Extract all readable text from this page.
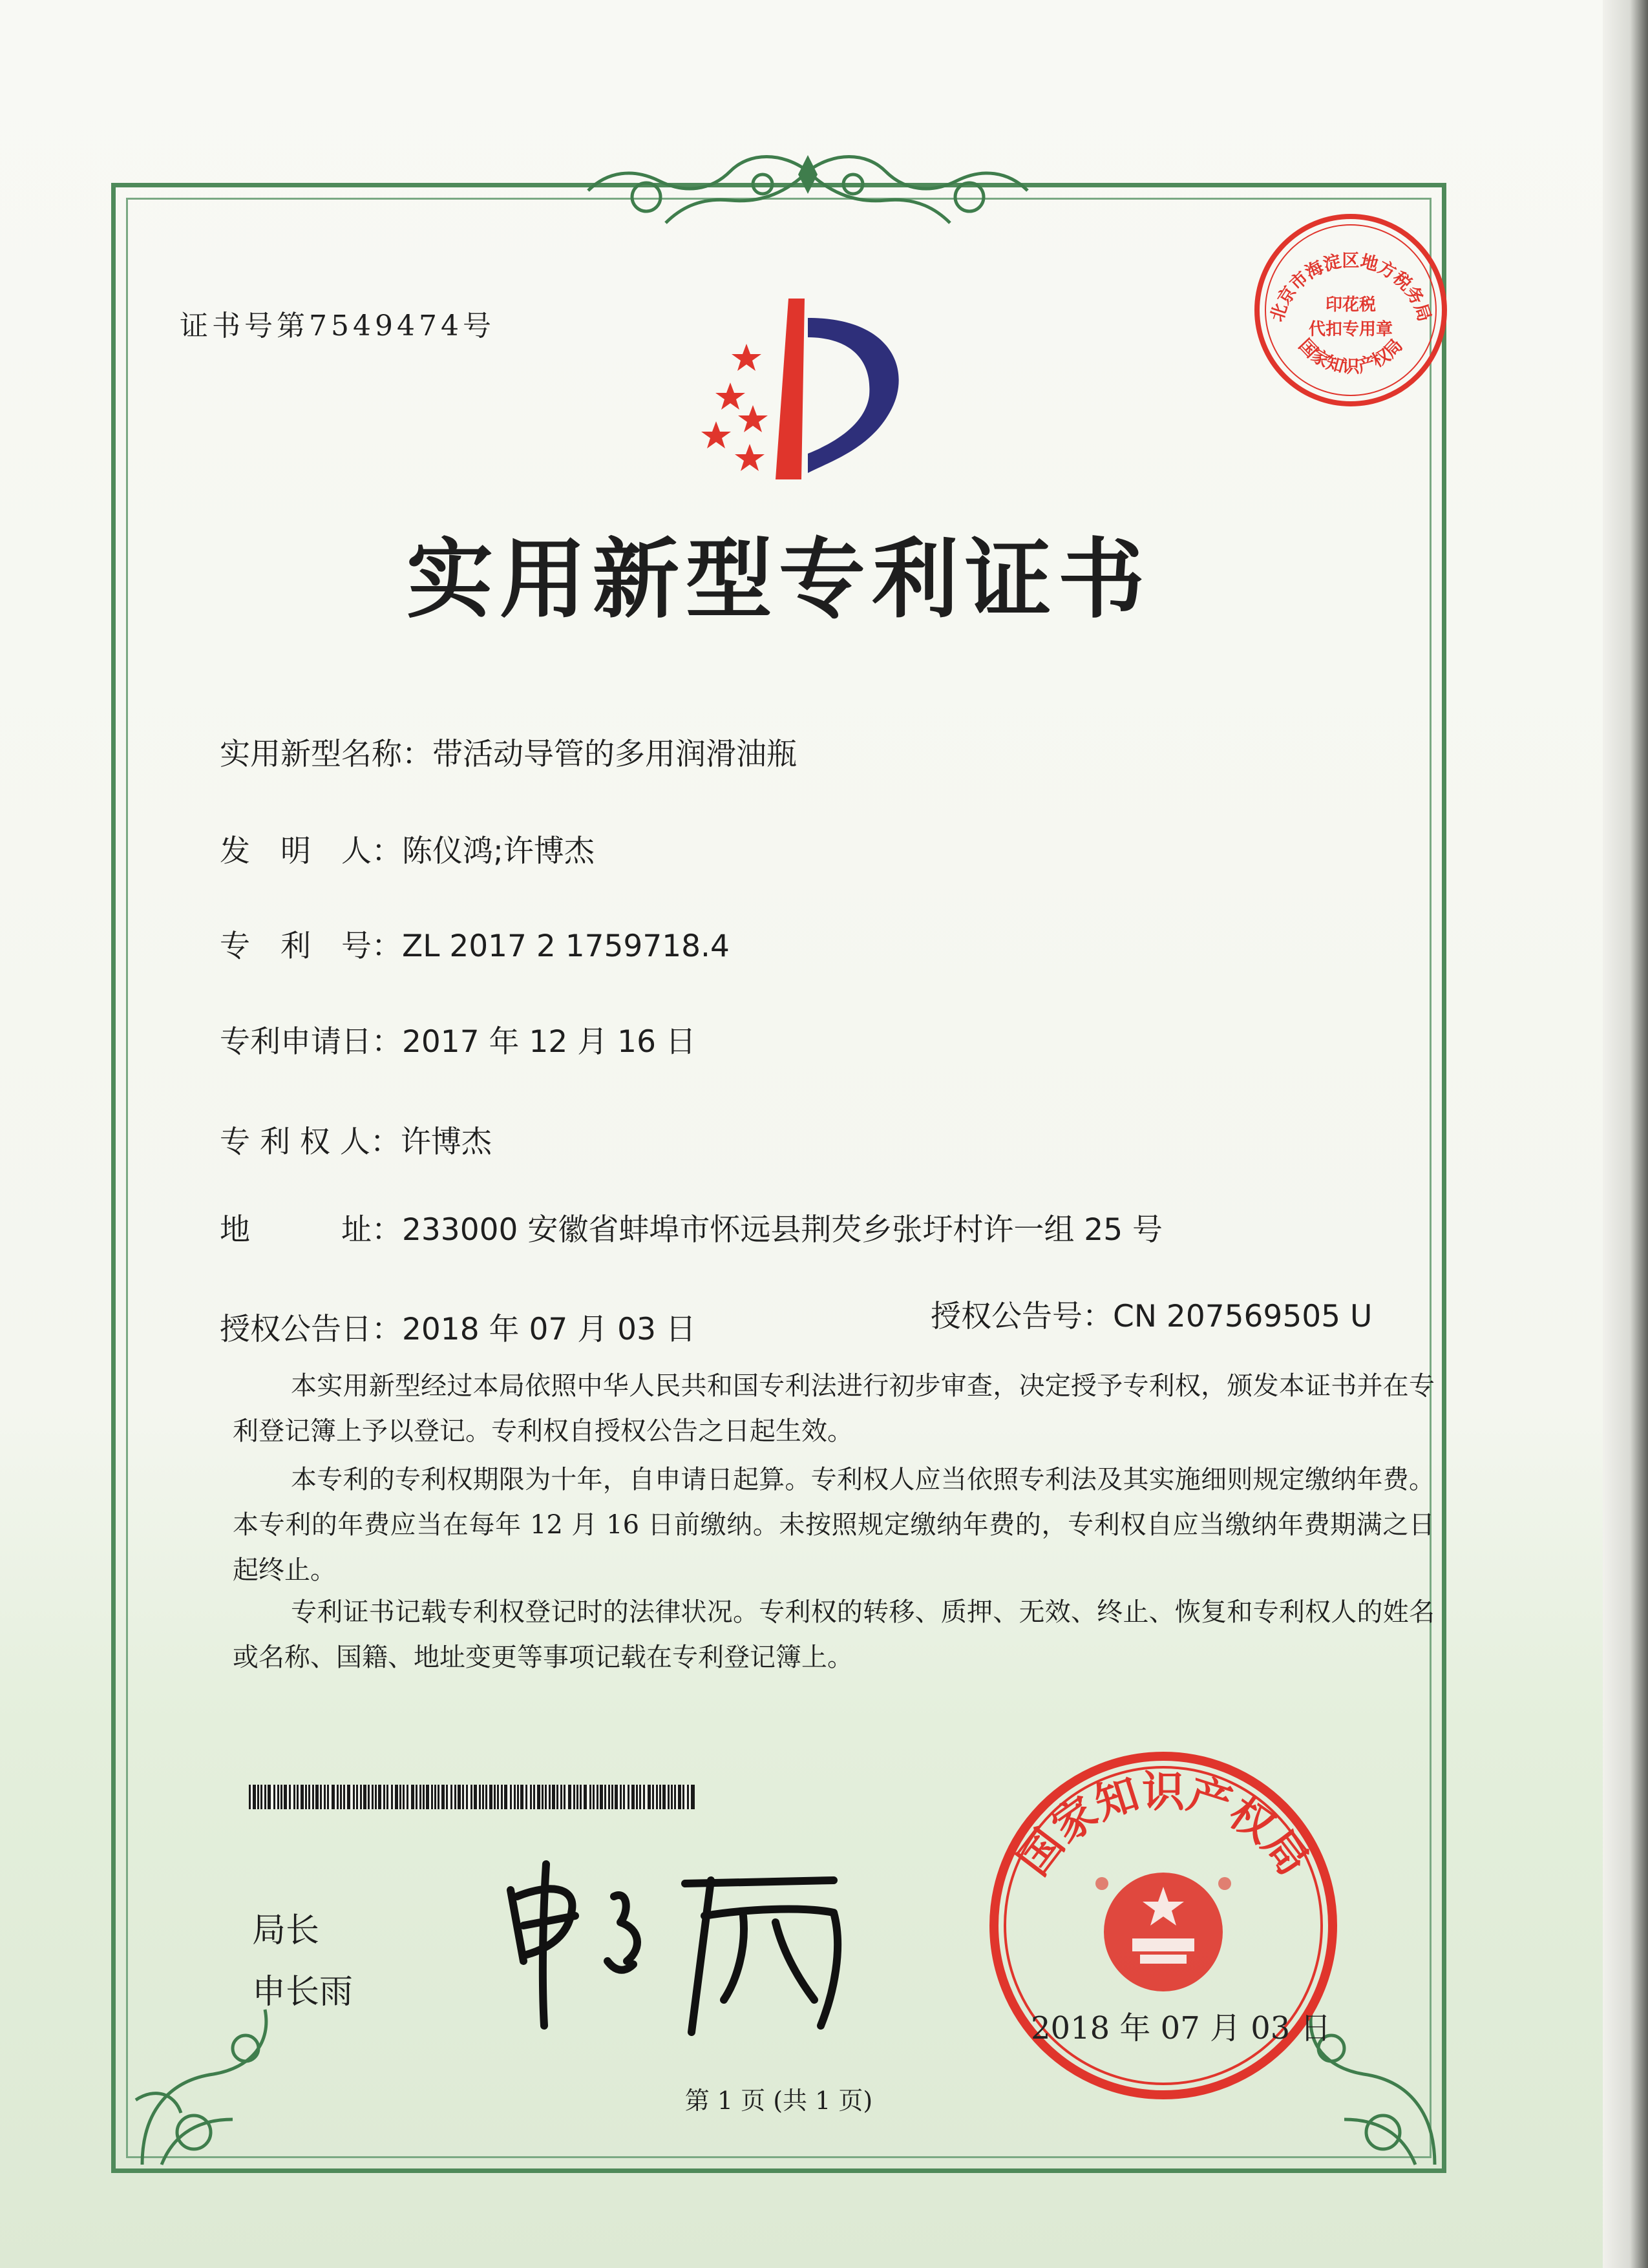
证书号第7549474号
实用新型专利证书
实用新型名称：带活动导管的多用润滑油瓶
发　明　人：陈仪鸿;许博杰
专　利　号：ZL 2017 2 1759718.4
专利申请日：2017 年 12 月 16 日
专 利 权 人：许博杰
地　　　址：233000 安徽省蚌埠市怀远县荆芡乡张圩村许一组 25 号
授权公告日：2018 年 07 月 03 日	授权公告号：CN 207569505 U
本实用新型经过本局依照中华人民共和国专利法进行初步审查，决定授予专利权，颁发本证书并在专利登记簿上予以登记。专利权自授权公告之日起生效。
本专利的专利权期限为十年，自申请日起算。专利权人应当依照专利法及其实施细则规定缴纳年费。本专利的年费应当在每年 12 月 16 日前缴纳。未按照规定缴纳年费的，专利权自应当缴纳年费期满之日起终止。
专利证书记载专利权登记时的法律状况。专利权的转移、质押、无效、终止、恢复和专利权人的姓名或名称、国籍、地址变更等事项记载在专利登记簿上。
局长
申长雨
国家知识产权局
2018 年 07 月 03 日
北京市海淀区地方税务局
印花税
代扣专用章
国家知识产权局
第 1 页 (共 1 页)
